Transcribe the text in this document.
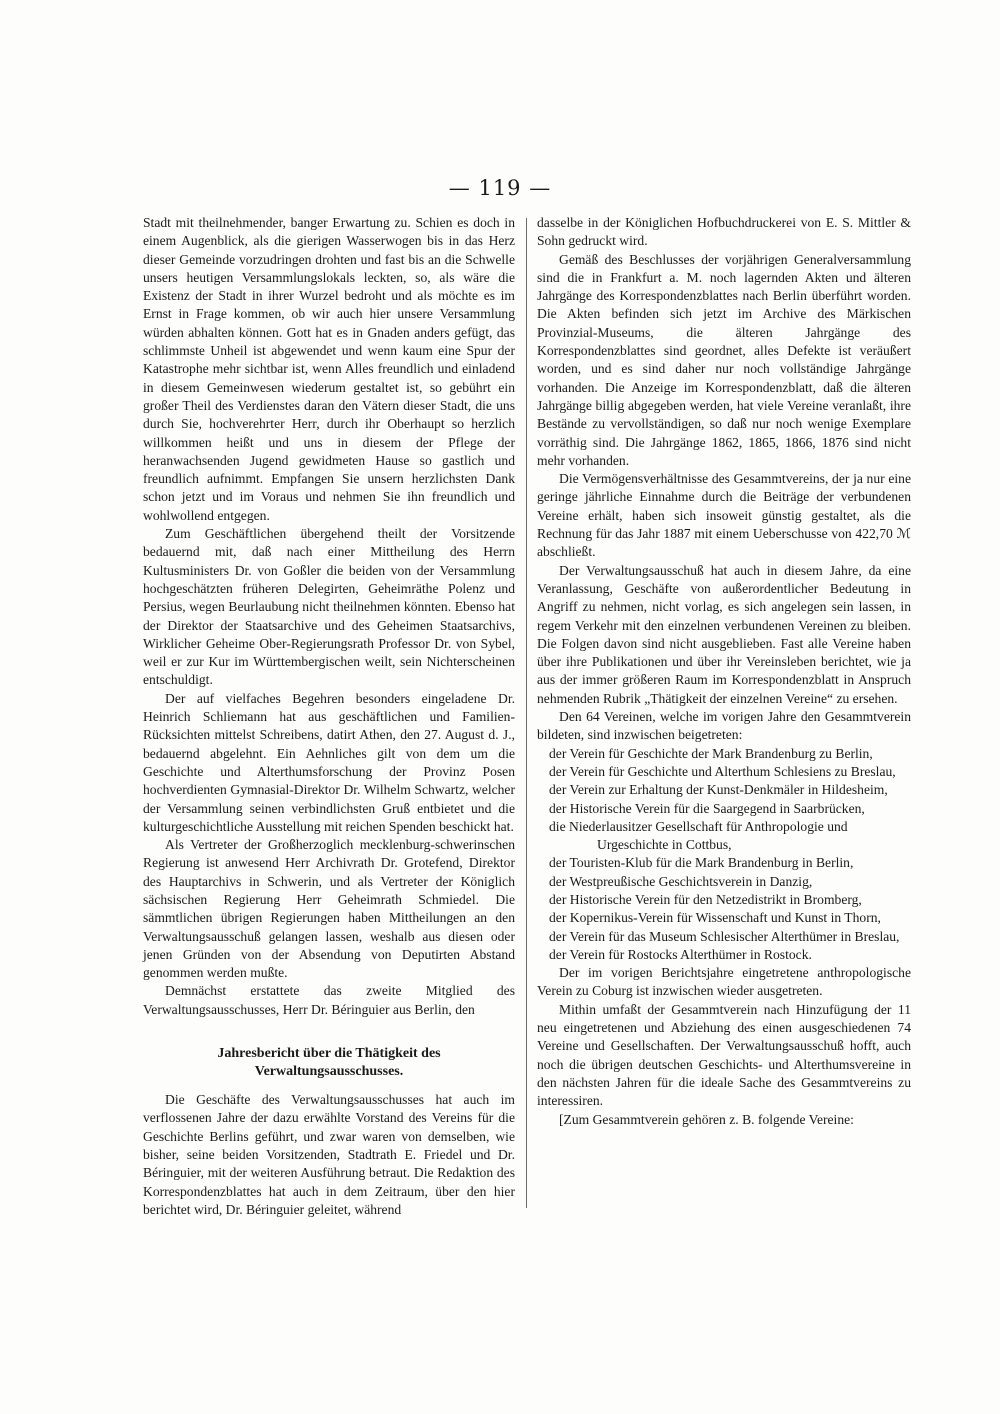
— 119 —

Stadt mit theilnehmender, banger Erwartung zu. Schien es doch in einem Augenblick, als die gierigen Wasserwogen bis in das Herz dieser Gemeinde vorzudringen drohten und fast bis an die Schwelle unsers heutigen Versammlungslokals leckten, so, als wäre die Existenz der Stadt in ihrer Wurzel bedroht und als möchte es im Ernst in Frage kommen, ob wir auch hier unsere Versammlung würden abhalten können. Gott hat es in Gnaden anders gefügt, das schlimmste Unheil ist abgewendet und wenn kaum eine Spur der Katastrophe mehr sichtbar ist, wenn Alles freundlich und einladend in diesem Gemeinwesen wiederum gestaltet ist, so gebührt ein großer Theil des Verdienstes daran den Vätern dieser Stadt, die uns durch Sie, hochverehrter Herr, durch ihr Oberhaupt so herzlich willkommen heißt und uns in diesem der Pflege der heranwachsenden Jugend gewidmeten Hause so gastlich und freundlich aufnimmt. Empfangen Sie unsern herzlichsten Dank schon jetzt und im Voraus und nehmen Sie ihn freundlich und wohlwollend entgegen.

Zum Geschäftlichen übergehend theilt der Vorsitzende bedauernd mit, daß nach einer Mittheilung des Herrn Kultusministers Dr. von Goßler die beiden von der Versammlung hochgeschätzten früheren Delegirten, Geheimräthe Polenz und Persius, wegen Beurlaubung nicht theilnehmen könnten. Ebenso hat der Direktor der Staatsarchive und des Geheimen Staatsarchivs, Wirklicher Geheime Ober-Regierungsrath Professor Dr. von Sybel, weil er zur Kur im Württembergischen weilt, sein Nichterscheinen entschuldigt.

Der auf vielfaches Begehren besonders eingeladene Dr. Heinrich Schliemann hat aus geschäftlichen und Familien-Rücksichten mittelst Schreibens, datirt Athen, den 27. August d. J., bedauernd abgelehnt. Ein Aehnliches gilt von dem um die Geschichte und Alterthumsforschung der Provinz Posen hochverdienten Gymnasial-Direktor Dr. Wilhelm Schwartz, welcher der Versammlung seinen verbindlichsten Gruß entbietet und die kulturgeschichtliche Ausstellung mit reichen Spenden beschickt hat.

Als Vertreter der Großherzoglich mecklenburg-schwerinschen Regierung ist anwesend Herr Archivrath Dr. Grotefend, Direktor des Hauptarchivs in Schwerin, und als Vertreter der Königlich sächsischen Regierung Herr Geheimrath Schmiedel. Die sämmtlichen übrigen Regierungen haben Mittheilungen an den Verwaltungsausschuß gelangen lassen, weshalb aus diesen oder jenen Gründen von der Absendung von Deputirten Abstand genommen werden mußte.

Demnächst erstattete das zweite Mitglied des Verwaltungsausschusses, Herr Dr. Béringuier aus Berlin, den

Jahresbericht über die Thätigkeit des Verwaltungsausschusses.

Die Geschäfte des Verwaltungsausschusses hat auch im verflossenen Jahre der dazu erwählte Vorstand des Vereins für die Geschichte Berlins geführt, und zwar waren von demselben, wie bisher, seine beiden Vorsitzenden, Stadtrath E. Friedel und Dr. Béringuier, mit der weiteren Ausführung betraut. Die Redaktion des Korrespondenzblattes hat auch in dem Zeitraum, über den hier berichtet wird, Dr. Béringuier geleitet, während

dasselbe in der Königlichen Hofbuchdruckerei von E. S. Mittler & Sohn gedruckt wird.

Gemäß des Beschlusses der vorjährigen Generalversammlung sind die in Frankfurt a. M. noch lagernden Akten und älteren Jahrgänge des Korrespondenzblattes nach Berlin überführt worden. Die Akten befinden sich jetzt im Archive des Märkischen Provinzial-Museums, die älteren Jahrgänge des Korrespondenzblattes sind geordnet, alles Defekte ist veräußert worden, und es sind daher nur noch vollständige Jahrgänge vorhanden. Die Anzeige im Korrespondenzblatt, daß die älteren Jahrgänge billig abgegeben werden, hat viele Vereine veranlaßt, ihre Bestände zu vervollständigen, so daß nur noch wenige Exemplare vorräthig sind. Die Jahrgänge 1862, 1865, 1866, 1876 sind nicht mehr vorhanden.

Die Vermögensverhältnisse des Gesammtvereins, der ja nur eine geringe jährliche Einnahme durch die Beiträge der verbundenen Vereine erhält, haben sich insoweit günstig gestaltet, als die Rechnung für das Jahr 1887 mit einem Ueberschusse von 422,70 ℳ abschließt.

Der Verwaltungsausschuß hat auch in diesem Jahre, da eine Veranlassung, Geschäfte von außerordentlicher Bedeutung in Angriff zu nehmen, nicht vorlag, es sich angelegen sein lassen, in regem Verkehr mit den einzelnen verbundenen Vereinen zu bleiben. Die Folgen davon sind nicht ausgeblieben. Fast alle Vereine haben über ihre Publikationen und über ihr Vereinsleben berichtet, wie ja aus der immer größeren Raum im Korrespondenzblatt in Anspruch nehmenden Rubrik „Thätigkeit der einzelnen Vereine“ zu ersehen.

Den 64 Vereinen, welche im vorigen Jahre den Gesammtverein bildeten, sind inzwischen beigetreten:

der Verein für Geschichte der Mark Brandenburg zu Berlin,

der Verein für Geschichte und Alterthum Schlesiens zu Breslau,

der Verein zur Erhaltung der Kunst-Denkmäler in Hildesheim,

der Historische Verein für die Saargegend in Saarbrücken,

die Niederlausitzer Gesellschaft für Anthropologie und Urgeschichte in Cottbus,

der Touristen-Klub für die Mark Brandenburg in Berlin,

der Westpreußische Geschichtsverein in Danzig,

der Historische Verein für den Netzedistrikt in Bromberg,

der Kopernikus-Verein für Wissenschaft und Kunst in Thorn,

der Verein für das Museum Schlesischer Alterthümer in Breslau,

der Verein für Rostocks Alterthümer in Rostock.

Der im vorigen Berichtsjahre eingetretene anthropologische Verein zu Coburg ist inzwischen wieder ausgetreten.

Mithin umfaßt der Gesammtverein nach Hinzufügung der 11 neu eingetretenen und Abziehung des einen ausgeschiedenen 74 Vereine und Gesellschaften. Der Verwaltungsausschuß hofft, auch noch die übrigen deutschen Geschichts- und Alterthumsvereine in den nächsten Jahren für die ideale Sache des Gesammtvereins zu interessiren.

[Zum Gesammtverein gehören z. B. folgende Vereine:
